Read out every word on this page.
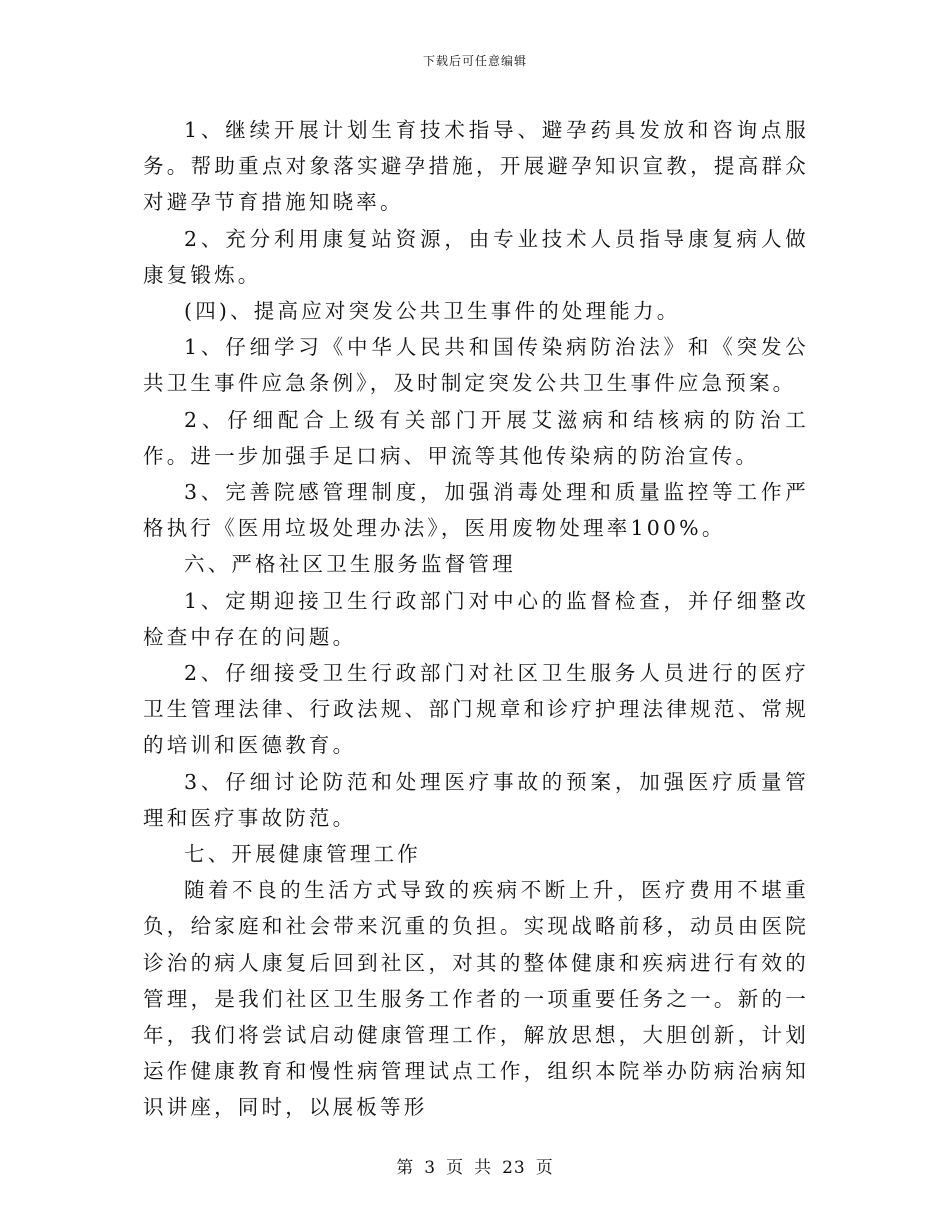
下载后可任意编辑

1、继续开展计划生育技术指导、避孕药具发放和咨询点服务。帮助重点对象落实避孕措施，开展避孕知识宣教，提高群众对避孕节育措施知晓率。

2、充分利用康复站资源，由专业技术人员指导康复病人做康复锻炼。

(四)、提高应对突发公共卫生事件的处理能力。

1、仔细学习《中华人民共和国传染病防治法》和《突发公共卫生事件应急条例》，及时制定突发公共卫生事件应急预案。

2、仔细配合上级有关部门开展艾滋病和结核病的防治工作。进一步加强手足口病、甲流等其他传染病的防治宣传。

3、完善院感管理制度，加强消毒处理和质量监控等工作严格执行《医用垃圾处理办法》，医用废物处理率100%。

六、严格社区卫生服务监督管理

1、定期迎接卫生行政部门对中心的监督检查，并仔细整改检查中存在的问题。

2、仔细接受卫生行政部门对社区卫生服务人员进行的医疗卫生管理法律、行政法规、部门规章和诊疗护理法律规范、常规的培训和医德教育。

3、仔细讨论防范和处理医疗事故的预案，加强医疗质量管理和医疗事故防范。

七、开展健康管理工作

随着不良的生活方式导致的疾病不断上升，医疗费用不堪重负，给家庭和社会带来沉重的负担。实现战略前移，动员由医院诊治的病人康复后回到社区，对其的整体健康和疾病进行有效的管理，是我们社区卫生服务工作者的一项重要任务之一。新的一年，我们将尝试启动健康管理工作，解放思想，大胆创新，计划运作健康教育和慢性病管理试点工作，组织本院举办防病治病知识讲座，同时，以展板等形

第 3 页 共 23 页
